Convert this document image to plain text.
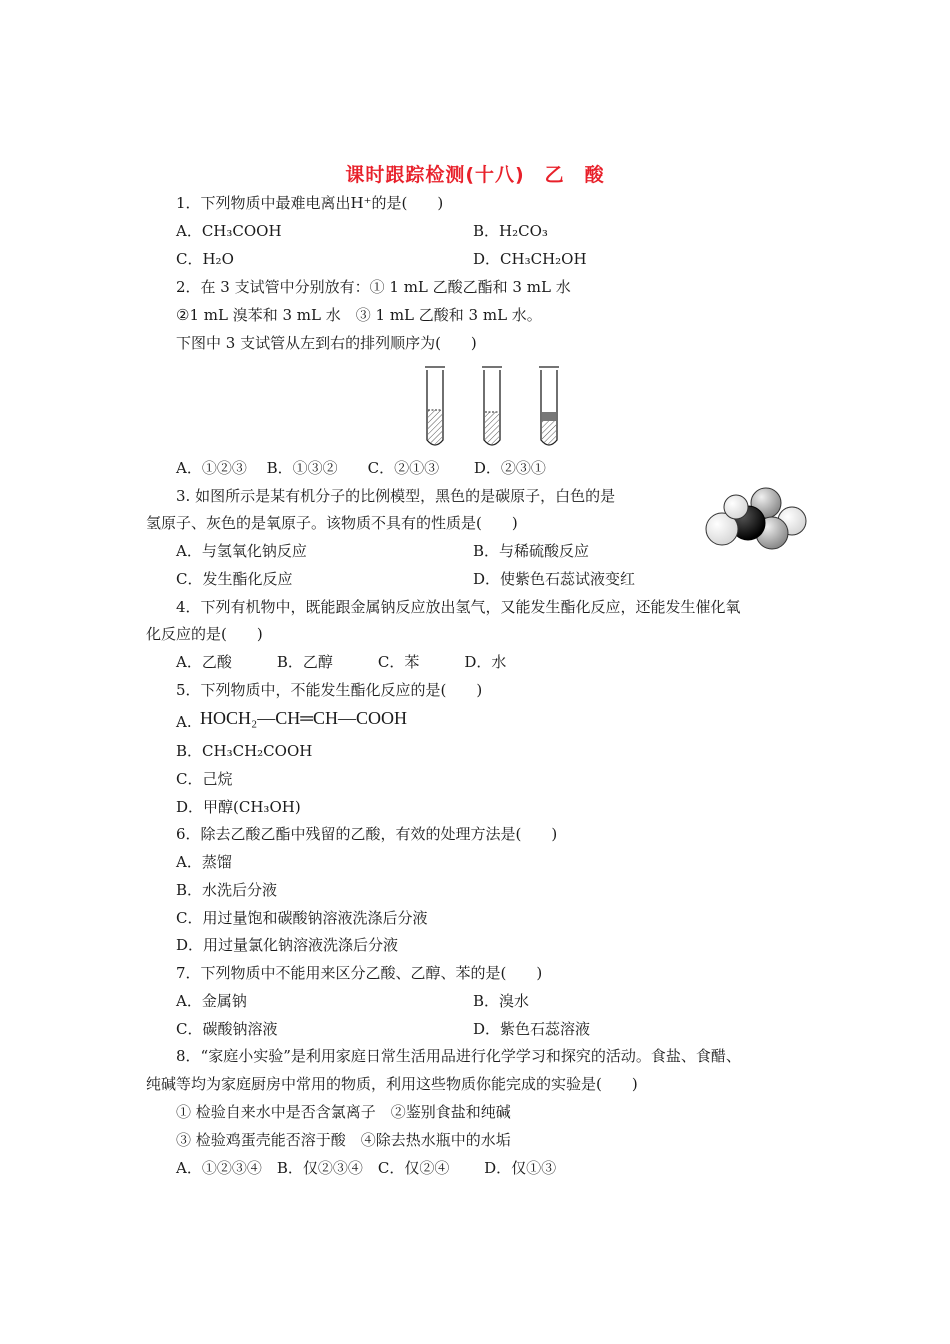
课时跟踪检测(十八)　乙　酸
1．下列物质中最难电离出H⁺的是(　　)
A．CH₃COOH	B．H₂CO₃
C．H₂O	D．CH₃CH₂OH
2．在 3 支试管中分别放有：① 1 mL 乙酸乙酯和 3 mL 水
②1 mL 溴苯和 3 mL 水　③ 1 mL 乙酸和 3 mL 水。
下图中 3 支试管从左到右的排列顺序为(　　)
A．①②③　 B．①③②　　C．②①③　　 D．②③①
3. 如图所示是某有机分子的比例模型，黑色的是碳原子，白色的是
氢原子、灰色的是氧原子。该物质不具有的性质是(　　)
A．与氢氧化钠反应	B．与稀硫酸反应
C．发生酯化反应	D．使紫色石蕊试液变红
4．下列有机物中，既能跟金属钠反应放出氢气，又能发生酯化反应，还能发生催化氧
化反应的是(　　)
A．乙酸　　　B．乙醇　　　C．苯　　　D．水
5．下列物质中，不能发生酯化反应的是(　　)
A. HOCH₂—CH═CH—COOH
B．CH₃CH₂COOH
C．己烷
D．甲醇(CH₃OH)
6．除去乙酸乙酯中残留的乙酸，有效的处理方法是(　　)
A．蒸馏
B．水洗后分液
C．用过量饱和碳酸钠溶液洗涤后分液
D．用过量氯化钠溶液洗涤后分液
7．下列物质中不能用来区分乙酸、乙醇、苯的是(　　)
A．金属钠	B．溴水
C．碳酸钠溶液	D．紫色石蕊溶液
8．“家庭小实验”是利用家庭日常生活用品进行化学学习和探究的活动。食盐、食醋、
纯碱等均为家庭厨房中常用的物质，利用这些物质你能完成的实验是(　　)
① 检验自来水中是否含氯离子　②鉴别食盐和纯碱
③ 检验鸡蛋壳能否溶于酸　④除去热水瓶中的水垢
A．①②③④　B．仅②③④　C．仅②④　　 D．仅①③
